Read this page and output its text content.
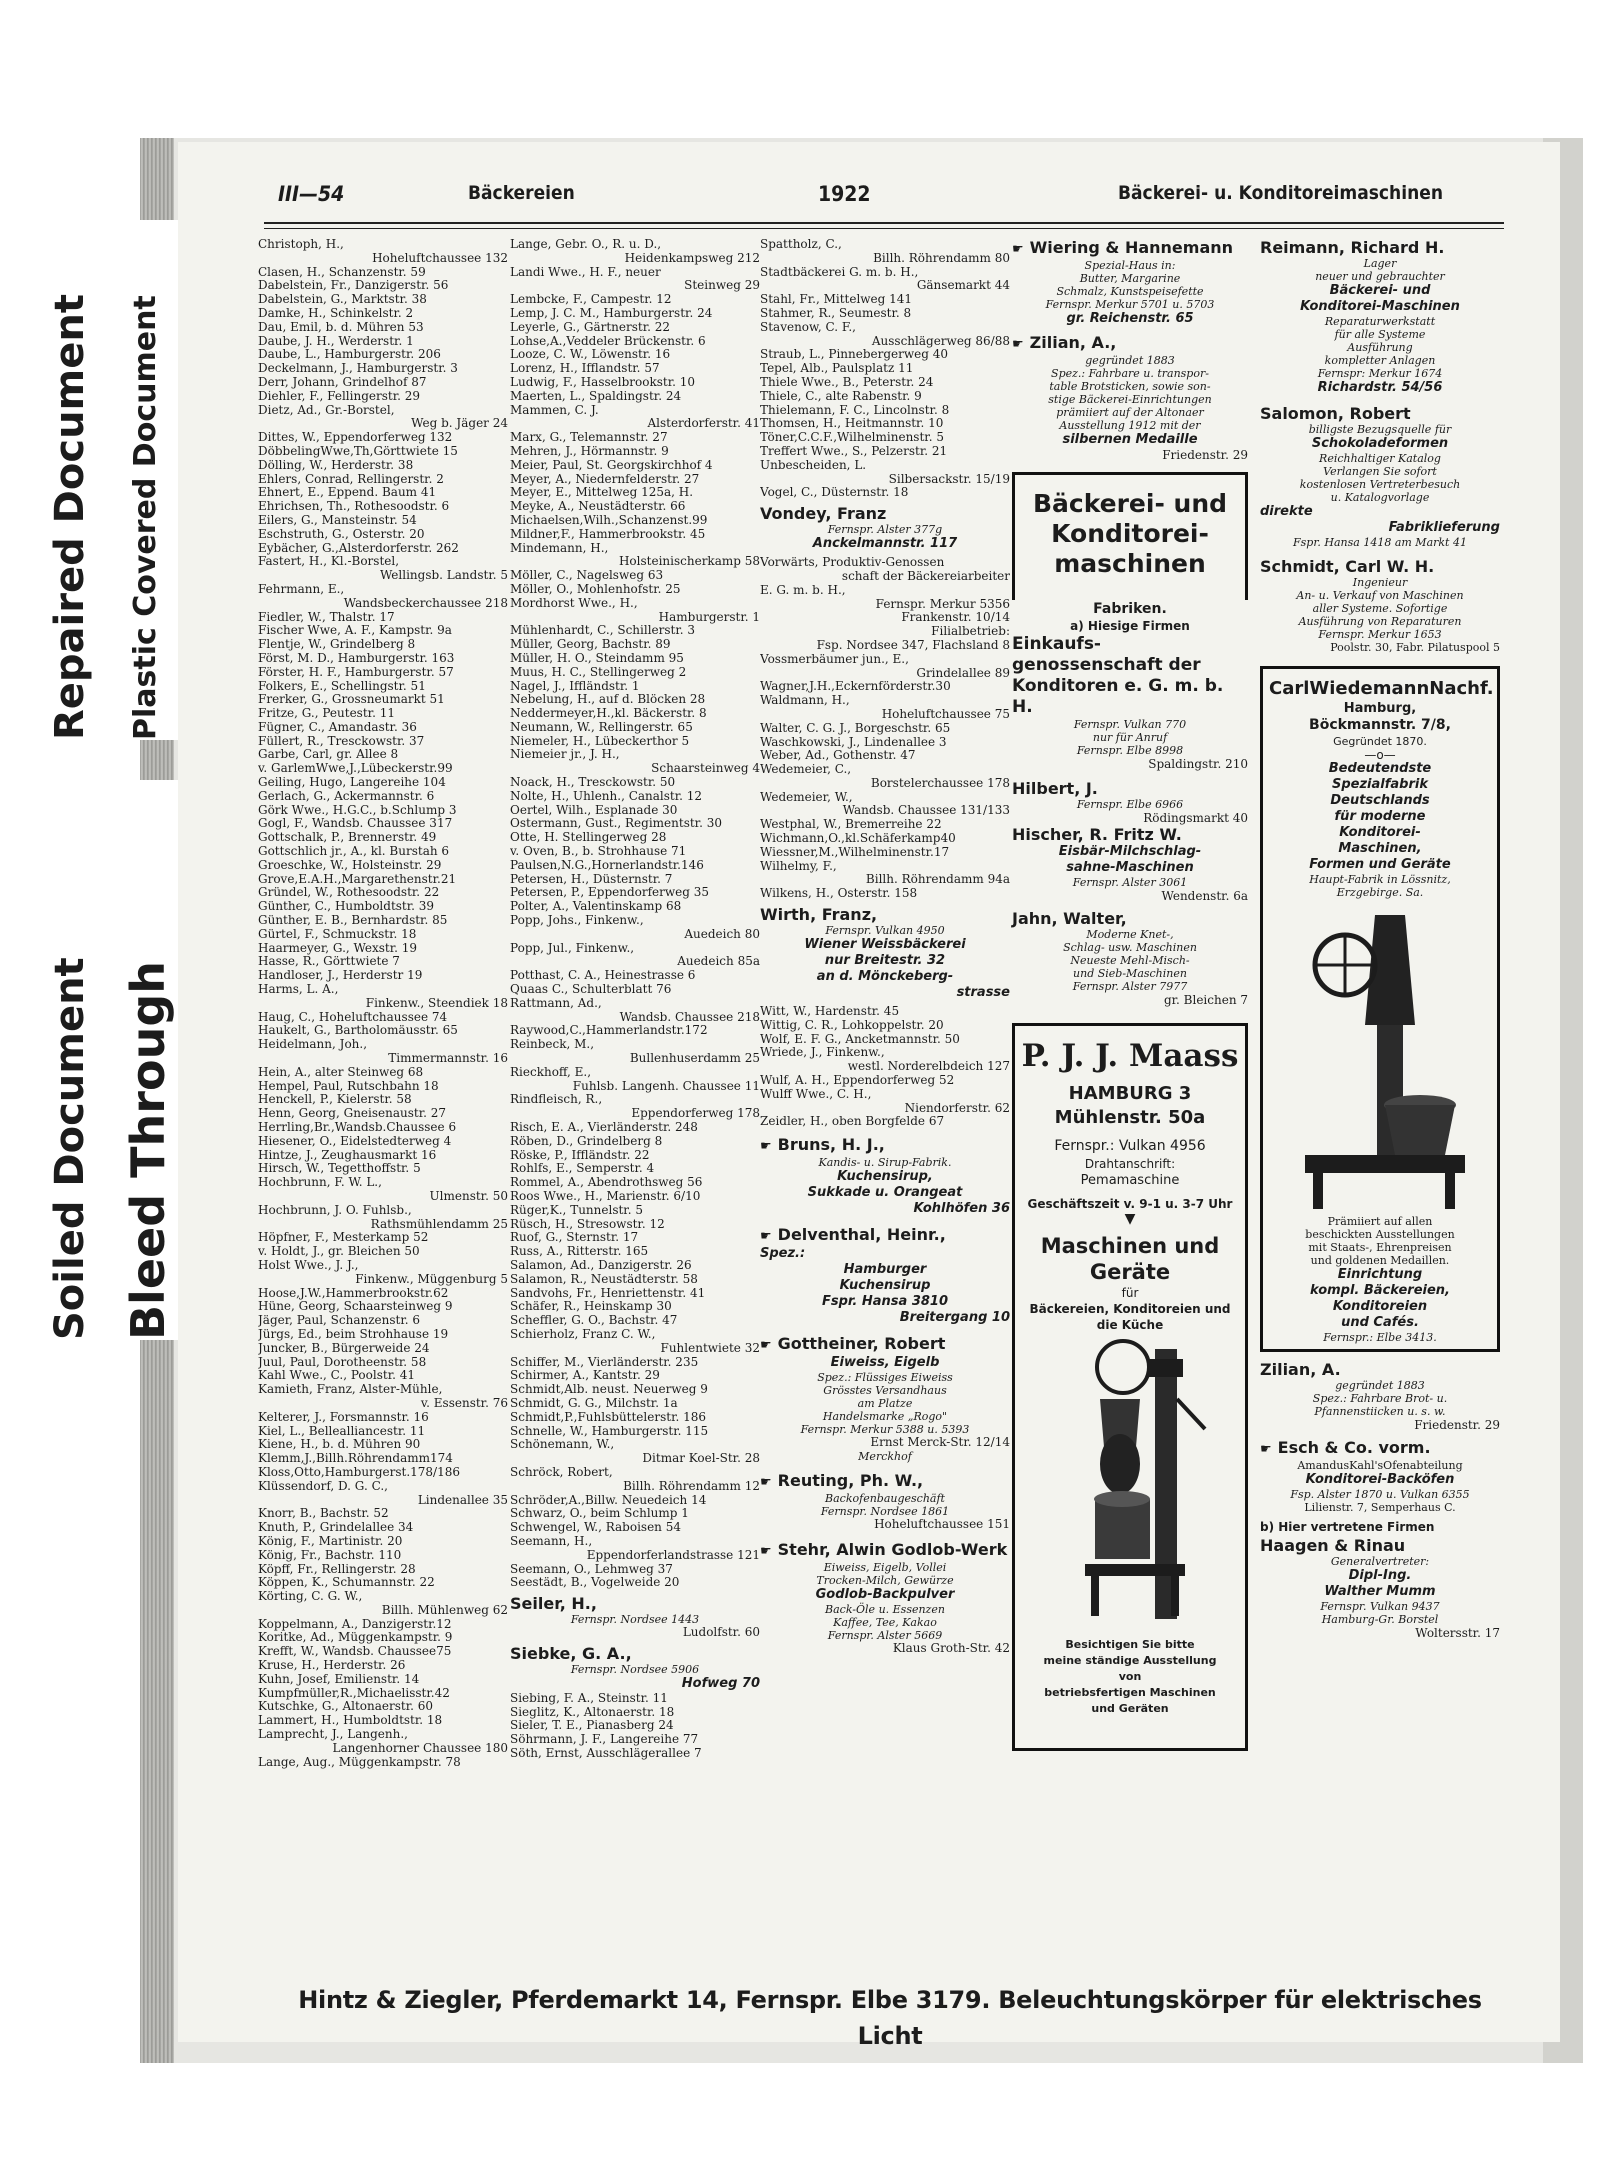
Repaired Document	Plastic Covered Document
Soiled Document Bleed Through
III—54	Bäckereien	1922	Bäckerei- u. Konditoreimaschinen
Christoph, H.,
Hoheluftchaussee 132
Clasen, H., Schanzenstr. 59
Dabelstein, Fr., Danzigerstr. 56
Dabelstein, G., Marktstr. 38
Damke, H., Schinkelstr. 2
Dau, Emil, b. d. Mühren 53
Daube, J. H., Werderstr. 1
Daube, L., Hamburgerstr. 206
Deckelmann, J., Hamburgerstr. 3
Derr, Johann, Grindelhof 87
Diehler, F., Fellingerstr. 29
Dietz, Ad., Gr.-Borstel,
Weg b. Jäger 24
Dittes, W., Eppendorferweg 132
DöbbelingWwe,Th,Görttwiete 15
Dölling, W., Herderstr. 38
Ehlers, Conrad, Rellingerstr. 2
Ehnert, E., Eppend. Baum 41
Ehrichsen, Th., Rothesoodstr. 6
Eilers, G., Mansteinstr. 54
Eschstruth, G., Osterstr. 20
Eybächer, G.,Alsterdorferstr. 262
Fastert, H., Kl.-Borstel,
Wellingsb. Landstr. 5
Fehrmann, E.,
Wandsbeckerchaussee 218
Fiedler, W., Thalstr. 17
Fischer Wwe, A. F., Kampstr. 9a
Flentje, W., Grindelberg 8
Först, M. D., Hamburgerstr. 163
Förster, H. F., Hamburgerstr. 57
Folkers, E., Schellingstr. 51
Frerker, G., Grossneumarkt 51
Fritze, G., Peutestr. 11
Fügner, C., Amandastr. 36
Füllert, R., Tresckowstr. 37
Garbe, Carl, gr. Allee 8
v. GarlemWwe,J.,Lübeckerstr.99
Geiling, Hugo, Langereihe 104
Gerlach, G., Ackermannstr. 6
Görk Wwe., H.G.C., b.Schlump 3
Gogl, F., Wandsb. Chaussee 317
Gottschalk, P., Brennerstr. 49
Gottschlich jr., A., kl. Burstah 6
Groeschke, W., Holsteinstr. 29
Grove,E.A.H.,Margarethenstr.21
Gründel, W., Rothesoodstr. 22
Günther, C., Humboldtstr. 39
Günther, E. B., Bernhardstr. 85
Gürtel, F., Schmuckstr. 18
Haarmeyer, G., Wexstr. 19
Hasse, R., Görttwiete 7
Handloser, J., Herderstr 19
Harms, L. A.,
Finkenw., Steendiek 18
Haug, C., Hoheluftchaussee 74
Haukelt, G., Bartholomäusstr. 65
Heidelmann, Joh.,
Timmermannstr. 16
Hein, A., alter Steinweg 68
Hempel, Paul, Rutschbahn 18
Henckell, P., Kielerstr. 58
Henn, Georg, Gneisenaustr. 27
Herrling,Br.,Wandsb.Chaussee 6
Hiesener, O., Eidelstedterweg 4
Hintze, J., Zeughausmarkt 16
Hirsch, W., Tegetthoffstr. 5
Hochbrunn, F. W. L.,
Ulmenstr. 50
Hochbrunn, J. O. Fuhlsb.,
Rathsmühlendamm 25
Höpfner, F., Mesterkamp 52
v. Holdt, J., gr. Bleichen 50
Holst Wwe., J. J.,
Finkenw., Müggenburg 5
Hoose,J.W.,Hammerbrookstr.62
Hüne, Georg, Schaarsteinweg 9
Jäger, Paul, Schanzenstr. 6
Jürgs, Ed., beim Strohhause 19
Juncker, B., Bürgerweide 24
Juul, Paul, Dorotheenstr. 58
Kahl Wwe., C., Poolstr. 41
Kamieth, Franz, Alster-Mühle,
v. Essenstr. 76
Kelterer, J., Forsmannstr. 16
Kiel, L., Bellealliancestr. 11
Kiene, H., b. d. Mühren 90
Klemm,J.,Billh.Röhrendamm174
Kloss,Otto,Hamburgerst.178/186
Klüssendorf, D. G. C.,
Lindenallee 35
Knorr, B., Bachstr. 52
Knuth, P., Grindelallee 34
König, F., Martinistr. 20
König, Fr., Bachstr. 110
Köpff, Fr., Rellingerstr. 28
Köppen, K., Schumannstr. 22
Körting, C. G. W.,
Billh. Mühlenweg 62
Koppelmann, A., Danzigerstr.12
Koritke, Ad., Müggenkampstr. 9
Krefft, W., Wandsb. Chaussee75
Kruse, H., Herderstr. 26
Kuhn, Josef, Emilienstr. 14
Kumpfmüller,R.,Michaelisstr.42
Kutschke, G., Altonaerstr. 60
Lammert, H., Humboldtstr. 18
Lamprecht, J., Langenh.,
Langenhorner Chaussee 180
Lange, Aug., Müggenkampstr. 78
Lange, Gebr. O., R. u. D.,
Heidenkampsweg 212
Landi Wwe., H. F., neuer
Steinweg 29
Lembcke, F., Campestr. 12
Lemp, J. C. M., Hamburgerstr. 24
Leyerle, G., Gärtnerstr. 22
Lohse,A.,Veddeler Brückenstr. 6
Looze, C. W., Löwenstr. 16
Lorenz, H., Ifflandstr. 57
Ludwig, F., Hasselbrookstr. 10
Maerten, L., Spaldingstr. 24
Mammen, C. J.
Alsterdorferstr. 41
Marx, G., Telemannstr. 27
Mehren, J., Hörmannstr. 9
Meier, Paul, St. Georgskirchhof 4
Meyer, A., Niedernfelderstr. 27
Meyer, E., Mittelweg 125a, H.
Meyke, A., Neustädterstr. 66
Michaelsen,Wilh.,Schanzenst.99
Mildner,F., Hammerbrookstr. 45
Mindemann, H.,
Holsteinischerkamp 58
Möller, C., Nagelsweg 63
Möller, O., Mohlenhofstr. 25
Mordhorst Wwe., H.,
Hamburgerstr. 1
Mühlenhardt, C., Schillerstr. 3
Müller, Georg, Bachstr. 89
Müller, H. O., Steindamm 95
Muus, H. C., Stellingerweg 2
Nagel, J., Iffländstr. 1
Nebelung, H., auf d. Blöcken 28
Neddermeyer,H.,kl. Bäckerstr. 8
Neumann, W., Rellingerstr. 65
Niemeler, H., Lübeckerthor 5
Niemeier jr., J. H.,
Schaarsteinweg 4
Noack, H., Tresckowstr. 50
Nolte, H., Uhlenh., Canalstr. 12
Oertel, Wilh., Esplanade 30
Ostermann, Gust., Regimentstr. 30
Otte, H. Stellingerweg 28
v. Oven, B., b. Strohhause 71
Paulsen,N.G.,Hornerlandstr.146
Petersen, H., Düsternstr. 7
Petersen, P., Eppendorferweg 35
Polter, A., Valentinskamp 68
Popp, Johs., Finkenw.,
Auedeich 80
Popp, Jul., Finkenw.,
Auedeich 85a
Potthast, C. A., Heinestrasse 6
Quaas C., Schulterblatt 76
Rattmann, Ad.,
Wandsb. Chaussee 218
Raywood,C.,Hammerlandstr.172
Reinbeck, M.,
Bullenhuserdamm 25
Rieckhoff, E.,
Fuhlsb. Langenh. Chaussee 11
Rindfleisch, R.,
Eppendorferweg 178
Risch, E. A., Vierländerstr. 248
Röben, D., Grindelberg 8
Röske, P., Iffländstr. 22
Rohlfs, E., Semperstr. 4
Rommel, A., Abendrothsweg 56
Roos Wwe., H., Marienstr. 6/10
Rüger,K., Tunnelstr. 5
Rüsch, H., Stresowstr. 12
Ruof, G., Sternstr. 17
Russ, A., Ritterstr. 165
Salamon, Ad., Danzigerstr. 26
Salamon, R., Neustädterstr. 58
Sandvohs, Fr., Henriettenstr. 41
Schäfer, R., Heinskamp 30
Scheffler, G. O., Bachstr. 47
Schierholz, Franz C. W.,
Fuhlentwiete 32
Schiffer, M., Vierländerstr. 235
Schirmer, A., Kantstr. 29
Schmidt,Alb. neust. Neuerweg 9
Schmidt, G. G., Milchstr. 1a
Schmidt,P.,Fuhlsbüttelerstr. 186
Schnelle, W., Hamburgerstr. 115
Schönemann, W.,
Ditmar Koel-Str. 28
Schröck, Robert,
Billh. Röhrendamm 12
Schröder,A.,Billw. Neuedeich 14
Schwarz, O., beim Schlump 1
Schwengel, W., Raboisen 54
Seemann, H.,
Eppendorferlandstrasse 121
Seemann, O., Lehmweg 37
Seestädt, B., Vogelweide 20
Seiler, H.,
Fernspr. Nordsee 1443
Ludolfstr. 60
Siebke, G. A.,
Fernspr. Nordsee 5906
Hofweg 70
Siebing, F. A., Steinstr. 11
Sieglitz, K., Altonaerstr. 18
Sieler, T. E., Pianasberg 24
Söhrmann, J. F., Langereihe 77
Söth, Ernst, Ausschlägerallee 7
Spattholz, C.,
Billh. Röhrendamm 80
Stadtbäckerei G. m. b. H.,
Gänsemarkt 44
Stahl, Fr., Mittelweg 141
Stahmer, R., Seumestr. 8
Stavenow, C. F.,
Ausschlägerweg 86/88
Straub, L., Pinnebergerweg 40
Tepel, Alb., Paulsplatz 11
Thiele Wwe., B., Peterstr. 24
Thiele, C., alte Rabenstr. 9
Thielemann, F. C., Lincolnstr. 8
Thomsen, H., Heitmannstr. 10
Töner,C.C.F.,Wilhelminenstr. 5
Treffert Wwe., S., Pelzerstr. 21
Unbescheiden, L.
Silbersackstr. 15/19
Vogel, C., Düsternstr. 18
Vondey, Franz
Fernspr. Alster 377g
Anckelmannstr. 117
Vorwärts, Produktiv-Genossen
schaft der Bäckereiarbeiter
E. G. m. b. H.,
Fernspr. Merkur 5356
Frankenstr. 10/14
Filialbetrieb:
Fsp. Nordsee 347, Flachsland 8
Vossmerbäumer jun., E.,
Grindelallee 89
Wagner,J.H.,Eckernförderstr.30
Waldmann, H.,
Hoheluftchaussee 75
Walter, C. G. J., Borgeschstr. 65
Waschkowski, J., Lindenallee 3
Weber, Ad., Gothenstr. 47
Wedemeier, C.,
Borstelerchaussee 178
Wedemeier, W.,
Wandsb. Chaussee 131/133
Westphal, W., Bremerreihe 22
Wichmann,O.,kl.Schäferkamp40
Wiessner,M.,Wilhelminenstr.17
Wilhelmy, F.,
Billh. Röhrendamm 94a
Wilkens, H., Osterstr. 158
Wirth, Franz,
Fernspr. Vulkan 4950
Wiener Weissbäckerei
nur Breitestr. 32
an d. Mönckeberg-
strasse
Witt, W., Hardenstr. 45
Wittig, C. R., Lohkoppelstr. 20
Wolf, E. F. G., Ancketmannstr. 50
Wriede, J., Finkenw.,
westl. Norderelbdeich 127
Wulf, A. H., Eppendorferweg 52
Wulff Wwe., C. H.,
Niendorferstr. 62
Zeidler, H., oben Borgfelde 67
☛ Bruns, H. J.,
Kandis- u. Sirup-Fabrik.
Kuchensirup,
Sukkade u. Orangeat
Kohlhöfen 36
☛ Delventhal, Heinr.,
Spez.:
Hamburger
Kuchensirup
Fspr. Hansa 3810
Breitergang 10
☛ Gottheiner, Robert
Eiweiss, Eigelb
Spez.: Flüssiges Eiweiss
Grösstes Versandhaus
am Platze
Handelsmarke „Rogo"
Fernspr. Merkur 5388 u. 5393
Ernst Merck-Str. 12/14
Merckhof
☛ Reuting, Ph. W.,
Backofenbaugeschäft
Fernspr. Nordsee 1861
Hoheluftchaussee 151
☛ Stehr, Alwin Godlob-Werk
Eiweiss, Eigelb, Vollei
Trocken-Milch, Gewürze
Godlob-Backpulver
Back-Öle u. Essenzen
Kaffee, Tee, Kakao
Fernspr. Alster 5669
Klaus Groth-Str. 42
☛ Wiering & Hannemann
Spezial-Haus in:
Butter, Margarine
Schmalz, Kunstspeisefette
Fernspr. Merkur 5701 u. 5703
gr. Reichenstr. 65
☛ Zilian, A.,
gegründet 1883
Spez.: Fahrbare u. transpor-
table Brotsticken, sowie son-
stige Bäckerei-Einrichtungen
prämiiert auf der Altonaer
Ausstellung 1912 mit der
silbernen Medaille
Friedenstr. 29
Bäckerei- und Konditorei- maschinen
Fabriken.
a) Hiesige Firmen
Einkaufs- genossenschaft der Konditoren e. G. m. b. H.
Fernspr. Vulkan 770
nur für Anruf
Fernspr. Elbe 8998
Spaldingstr. 210
Hilbert, J.
Fernspr. Elbe 6966
Rödingsmarkt 40
Hischer, R. Fritz W.
Eisbär-Milchschlag-
sahne-Maschinen
Fernspr. Alster 3061
Wendenstr. 6a
Jahn, Walter,
Moderne Knet-,
Schlag- usw. Maschinen
Neueste Mehl-Misch-
und Sieb-Maschinen
Fernspr. Alster 7977
gr. Bleichen 7
P. J. J. Maass
HAMBURG 3
Mühlenstr. 50a
Fernspr.: Vulkan 4956
Drahtanschrift:
Pemamaschine
Geschäftszeit v. 9-1 u. 3-7 Uhr
▼
Maschinen und Geräte
für
Bäckereien, Konditoreien und die Küche
Besichtigen Sie bitte
meine ständige Ausstellung
von
betriebsfertigen Maschinen
und Geräten
Reimann, Richard H.
Lager
neuer und gebrauchter
Bäckerei- und
Konditorei-Maschinen
Reparaturwerkstatt
für alle Systeme
Ausführung
kompletter Anlagen
Fernspr: Merkur 1674
Richardstr. 54/56
Salomon, Robert
billigste Bezugsquelle für
Schokoladeformen
Reichhaltiger Katalog
Verlangen Sie sofort
kostenlosen Vertreterbesuch
u. Katalogvorlage
direkte
Fabriklieferung
Fspr. Hansa 1418 am Markt 41
Schmidt, Carl W. H.
Ingenieur
An- u. Verkauf von Maschinen
aller Systeme. Sofortige
Ausführung von Reparaturen
Fernspr. Merkur 1653
Poolstr. 30, Fabr. Pilatuspool 5
CarlWiedemannNachf.
Hamburg,
Böckmannstr. 7/8,
Gegründet 1870.
—o—
Bedeutendste
Spezialfabrik
Deutschlands
für moderne
Konditorei-
Maschinen,
Formen und Geräte
Haupt-Fabrik in Lössnitz,
Erzgebirge. Sa.
Prämiiert auf allen
beschickten Ausstellungen
mit Staats-, Ehrenpreisen
und goldenen Medaillen.
Einrichtung
kompl. Bäckereien,
Konditoreien
und Cafés.
Fernspr.: Elbe 3413.
Zilian, A.
gegründet 1883
Spez.: Fahrbare Brot- u.
Pfannenstiicken u. s. w.
Friedenstr. 29
☛ Esch & Co. vorm.
AmandusKahl'sOfenabteilung
Konditorei-Backöfen
Fsp. Alster 1870 u. Vulkan 6355
Lilienstr. 7, Semperhaus C.
b) Hier vertretene Firmen
Haagen & Rinau
Generalvertreter:
Dipl-Ing.
Walther Mumm
Fernspr. Vulkan 9437
Hamburg-Gr. Borstel
Woltersstr. 17
Hintz & Ziegler, Pferdemarkt 14, Fernspr. Elbe 3179. Beleuchtungskörper für elektrisches Licht
